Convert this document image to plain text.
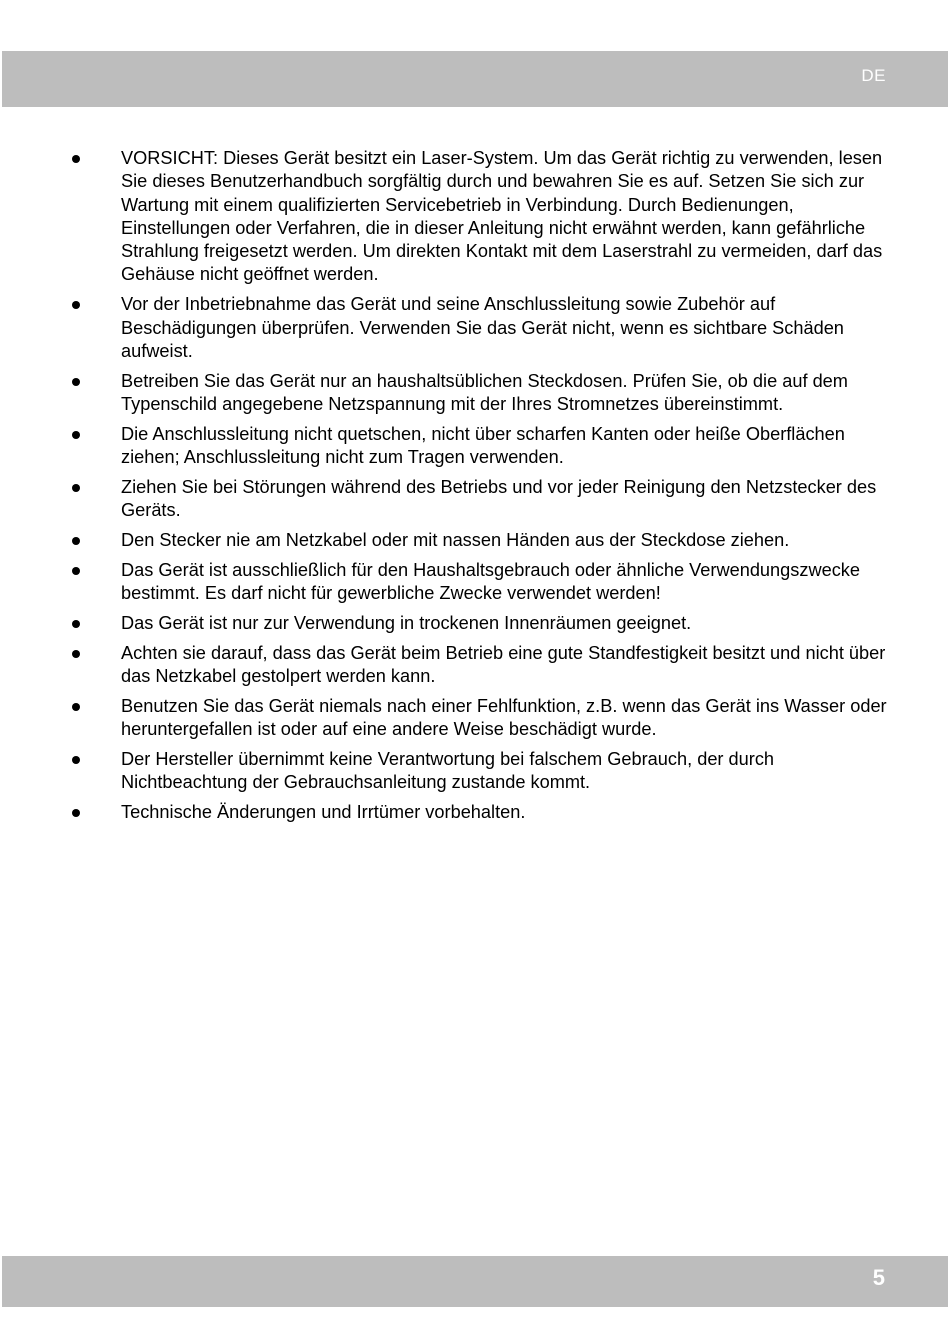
DE
VORSICHT: Dieses Gerät besitzt ein Laser-System. Um das Gerät richtig zu verwenden, lesen Sie dieses Benutzerhandbuch sorgfältig durch und bewahren Sie es auf. Setzen Sie sich zur Wartung mit einem qualifizierten Servicebetrieb in Verbindung. Durch Bedienungen, Einstellungen oder Verfahren, die in dieser Anleitung nicht erwähnt werden, kann gefährliche Strahlung freigesetzt werden. Um direkten Kontakt mit dem Laserstrahl zu vermeiden, darf das Gehäuse nicht geöffnet werden.
Vor der Inbetriebnahme das Gerät und seine Anschlussleitung sowie Zubehör auf Beschädigungen überprüfen. Verwenden Sie das Gerät nicht, wenn es sichtbare Schäden aufweist.
Betreiben Sie das Gerät nur an haushaltsüblichen Steckdosen. Prüfen Sie, ob die auf dem Typenschild angegebene Netzspannung mit der Ihres Stromnetzes übereinstimmt.
Die Anschlussleitung nicht quetschen, nicht über scharfen Kanten oder heiße Oberflächen ziehen; Anschlussleitung nicht zum Tragen verwenden.
Ziehen Sie bei Störungen während des Betriebs und vor jeder Reinigung den Netzstecker des Geräts.
Den Stecker nie am Netzkabel oder mit nassen Händen aus der Steckdose ziehen.
Das Gerät ist ausschließlich für den Haushaltsgebrauch oder ähnliche Verwendungszwecke bestimmt. Es darf nicht für gewerbliche Zwecke verwendet werden!
Das Gerät ist nur zur Verwendung in trockenen Innenräumen geeignet.
Achten sie darauf, dass das Gerät beim Betrieb eine gute Standfestigkeit besitzt und nicht über das Netzkabel gestolpert werden kann.
Benutzen Sie das Gerät niemals nach einer Fehlfunktion, z.B. wenn das Gerät ins Wasser oder heruntergefallen ist oder auf eine andere Weise beschädigt wurde.
Der Hersteller übernimmt keine Verantwortung bei falschem Gebrauch, der durch Nichtbeachtung der Gebrauchsanleitung zustande kommt.
Technische Änderungen und Irrtümer vorbehalten.
5
